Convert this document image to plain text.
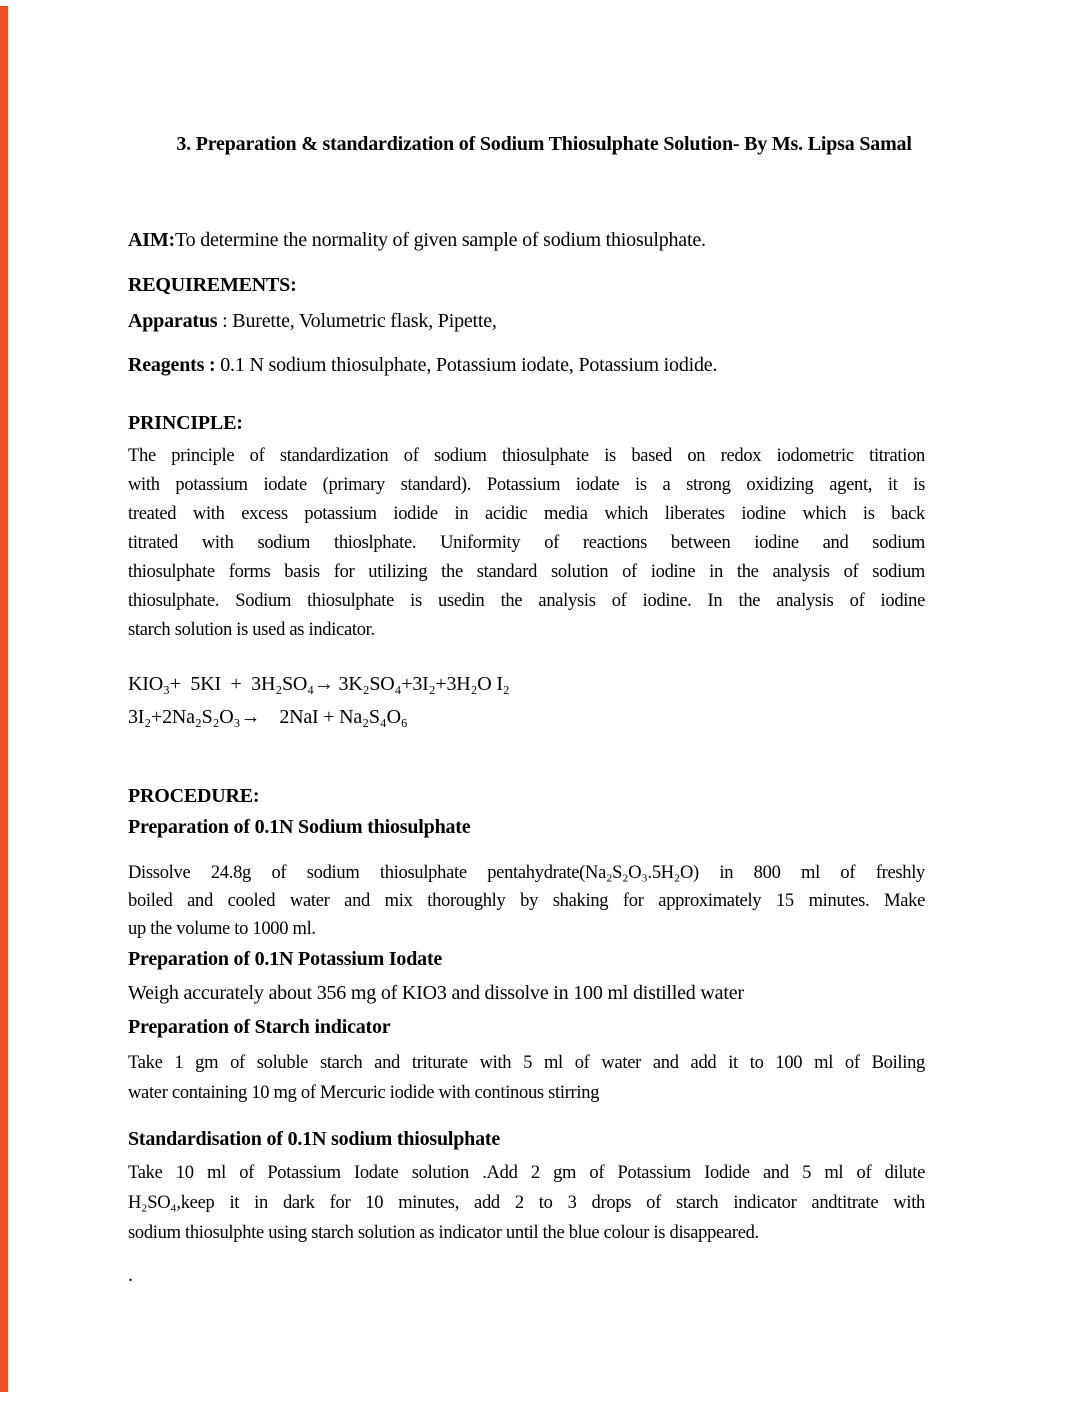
3. Preparation & standardization of Sodium Thiosulphate Solution- By Ms. Lipsa Samal

AIM:To determine the normality of given sample of sodium thiosulphate.

REQUIREMENTS:

Apparatus : Burette, Volumetric flask, Pipette,

Reagents : 0.1 N sodium thiosulphate, Potassium iodate, Potassium iodide.

PRINCIPLE:

The principle of standardization of sodium thiosulphate is based on redox iodometric titration
with potassium iodate (primary standard). Potassium iodate is a strong oxidizing agent, it is
treated with excess potassium iodide in acidic media which liberates iodine which is back
titrated with sodium thioslphate. Uniformity of reactions between iodine and sodium
thiosulphate forms basis for utilizing the standard solution of iodine in the analysis of sodium
thiosulphate. Sodium thiosulphate is usedin the analysis of iodine. In the analysis of iodine
starch solution is used as indicator.
KIO₃+  5KI  +  3H₂SO₄→ 3K₂SO₄+3I₂+3H₂O I₂
3I₂+2Na₂S₂O₃→    2NaI + Na₂S₄O₆

PROCEDURE:

Preparation of 0.1N Sodium thiosulphate

Dissolve 24.8g of sodium thiosulphate pentahydrate(Na₂S₂O₃.5H₂O) in 800 ml of freshly
boiled and cooled water and mix thoroughly by shaking for approximately 15 minutes. Make
up the volume to 1000 ml.

Preparation of 0.1N Potassium Iodate

Weigh accurately about 356 mg of KIO3 and dissolve in 100 ml distilled water

Preparation of Starch indicator

Take 1 gm of soluble starch and triturate with 5 ml of water and add it to 100 ml of Boiling
water containing 10 mg of Mercuric iodide with continous stirring

Standardisation of 0.1N sodium thiosulphate

Take 10 ml of Potassium Iodate solution .Add 2 gm of Potassium Iodide and 5 ml of dilute
H₂SO₄,keep it in dark for 10 minutes, add 2 to 3 drops of starch indicator andtitrate with
sodium thiosulphte using starch solution as indicator until the blue colour is disappeared.

.
